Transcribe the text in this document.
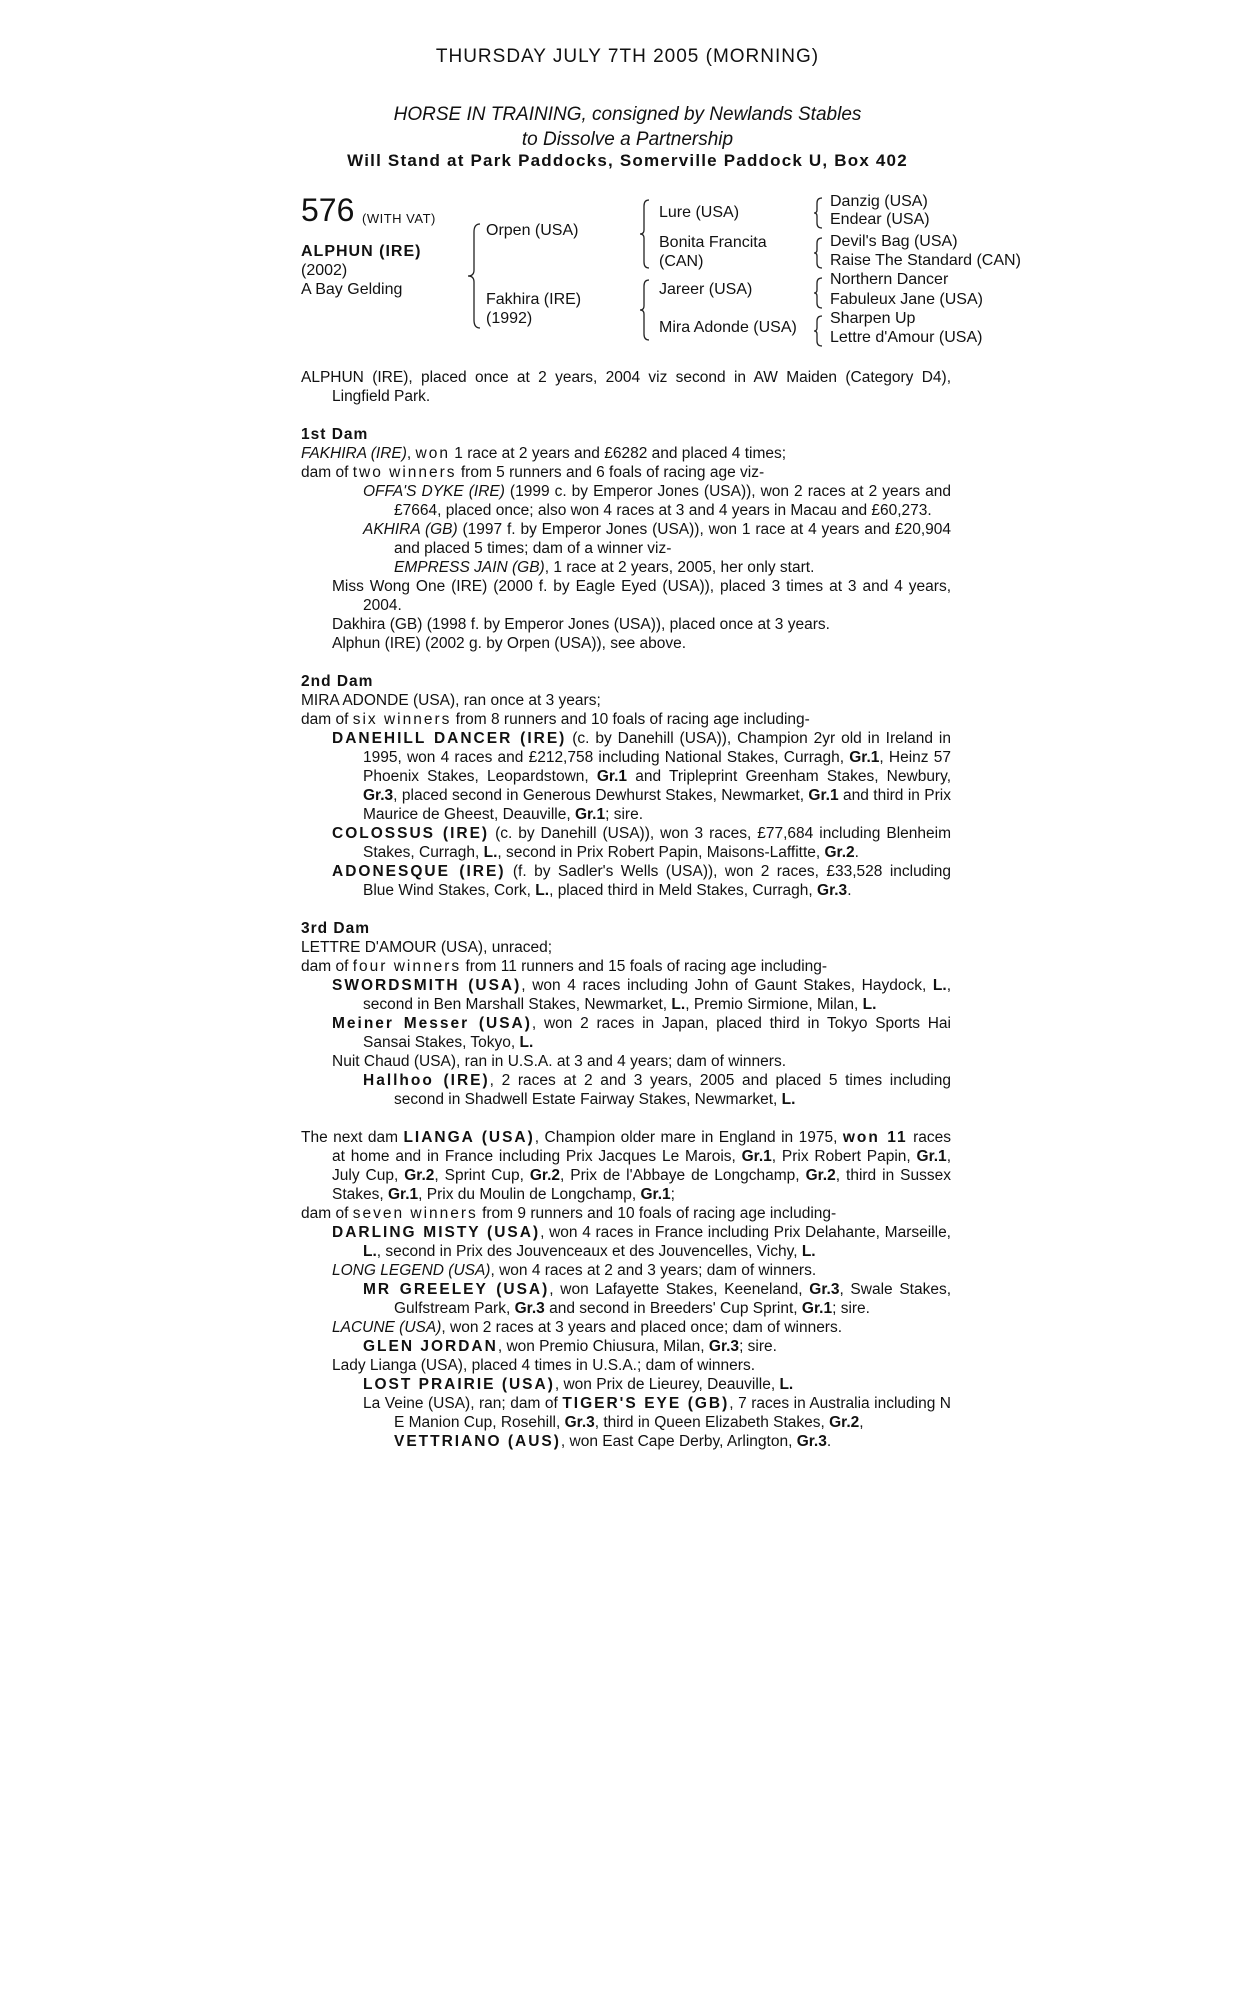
THURSDAY JULY 7TH 2005 (MORNING)
HORSE IN TRAINING, consigned by Newlands Stables
to Dissolve a Partnership
Will Stand at Park Paddocks, Somerville Paddock U, Box 402
576 (WITH VAT)
ALPHUN (IRE)
(2002)
A Bay Gelding
Orpen (USA)
Fakhira (IRE)
(1992)
Lure (USA)
Bonita Francita
(CAN)
Jareer (USA)
Mira Adonde (USA)
Danzig (USA)
Endear (USA)
Devil's Bag (USA)
Raise The Standard (CAN)
Northern Dancer
Fabuleux Jane (USA)
Sharpen Up
Lettre d'Amour (USA)

ALPHUN (IRE), placed once at 2 years, 2004 viz second in AW Maiden (Category D4), Lingfield Park.

1st Dam

FAKHIRA (IRE), won 1 race at 2 years and £6282 and placed 4 times;

dam of two winners from 5 runners and 6 foals of racing age viz-

OFFA'S DYKE (IRE) (1999 c. by Emperor Jones (USA)), won 2 races at 2 years and £7664, placed once; also won 4 races at 3 and 4 years in Macau and £60,273.

AKHIRA (GB) (1997 f. by Emperor Jones (USA)), won 1 race at 4 years and £20,904 and placed 5 times; dam of a winner viz-

EMPRESS JAIN (GB), 1 race at 2 years, 2005, her only start.

Miss Wong One (IRE) (2000 f. by Eagle Eyed (USA)), placed 3 times at 3 and 4 years, 2004.

Dakhira (GB) (1998 f. by Emperor Jones (USA)), placed once at 3 years.

Alphun (IRE) (2002 g. by Orpen (USA)), see above.

2nd Dam

MIRA ADONDE (USA), ran once at 3 years;

dam of six winners from 8 runners and 10 foals of racing age including-

DANEHILL DANCER (IRE) (c. by Danehill (USA)), Champion 2yr old in Ireland in 1995, won 4 races and £212,758 including National Stakes, Curragh, Gr.1, Heinz 57 Phoenix Stakes, Leopardstown, Gr.1 and Tripleprint Greenham Stakes, Newbury, Gr.3, placed second in Generous Dewhurst Stakes, Newmarket, Gr.1 and third in Prix Maurice de Gheest, Deauville, Gr.1; sire.

COLOSSUS (IRE) (c. by Danehill (USA)), won 3 races, £77,684 including Blenheim Stakes, Curragh, L., second in Prix Robert Papin, Maisons-Laffitte, Gr.2.

ADONESQUE (IRE) (f. by Sadler's Wells (USA)), won 2 races, £33,528 including Blue Wind Stakes, Cork, L., placed third in Meld Stakes, Curragh, Gr.3.

3rd Dam

LETTRE D'AMOUR (USA), unraced;

dam of four winners from 11 runners and 15 foals of racing age including-

SWORDSMITH (USA), won 4 races including John of Gaunt Stakes, Haydock, L., second in Ben Marshall Stakes, Newmarket, L., Premio Sirmione, Milan, L.

Meiner Messer (USA), won 2 races in Japan, placed third in Tokyo Sports Hai Sansai Stakes, Tokyo, L.

Nuit Chaud (USA), ran in U.S.A. at 3 and 4 years; dam of winners.

Hallhoo (IRE), 2 races at 2 and 3 years, 2005 and placed 5 times including second in Shadwell Estate Fairway Stakes, Newmarket, L.

The next dam LIANGA (USA), Champion older mare in England in 1975, won 11 races at home and in France including Prix Jacques Le Marois, Gr.1, Prix Robert Papin, Gr.1, July Cup, Gr.2, Sprint Cup, Gr.2, Prix de l'Abbaye de Longchamp, Gr.2, third in Sussex Stakes, Gr.1, Prix du Moulin de Longchamp, Gr.1;

dam of seven winners from 9 runners and 10 foals of racing age including-

DARLING MISTY (USA), won 4 races in France including Prix Delahante, Marseille, L., second in Prix des Jouvenceaux et des Jouvencelles, Vichy, L.

LONG LEGEND (USA), won 4 races at 2 and 3 years; dam of winners.

MR GREELEY (USA), won Lafayette Stakes, Keeneland, Gr.3, Swale Stakes, Gulfstream Park, Gr.3 and second in Breeders' Cup Sprint, Gr.1; sire.

LACUNE (USA), won 2 races at 3 years and placed once; dam of winners.

GLEN JORDAN, won Premio Chiusura, Milan, Gr.3; sire.

Lady Lianga (USA), placed 4 times in U.S.A.; dam of winners.

LOST PRAIRIE (USA), won Prix de Lieurey, Deauville, L.

La Veine (USA), ran; dam of TIGER'S EYE (GB), 7 races in Australia including N E Manion Cup, Rosehill, Gr.3, third in Queen Elizabeth Stakes, Gr.2,

VETTRIANO (AUS), won East Cape Derby, Arlington, Gr.3.
